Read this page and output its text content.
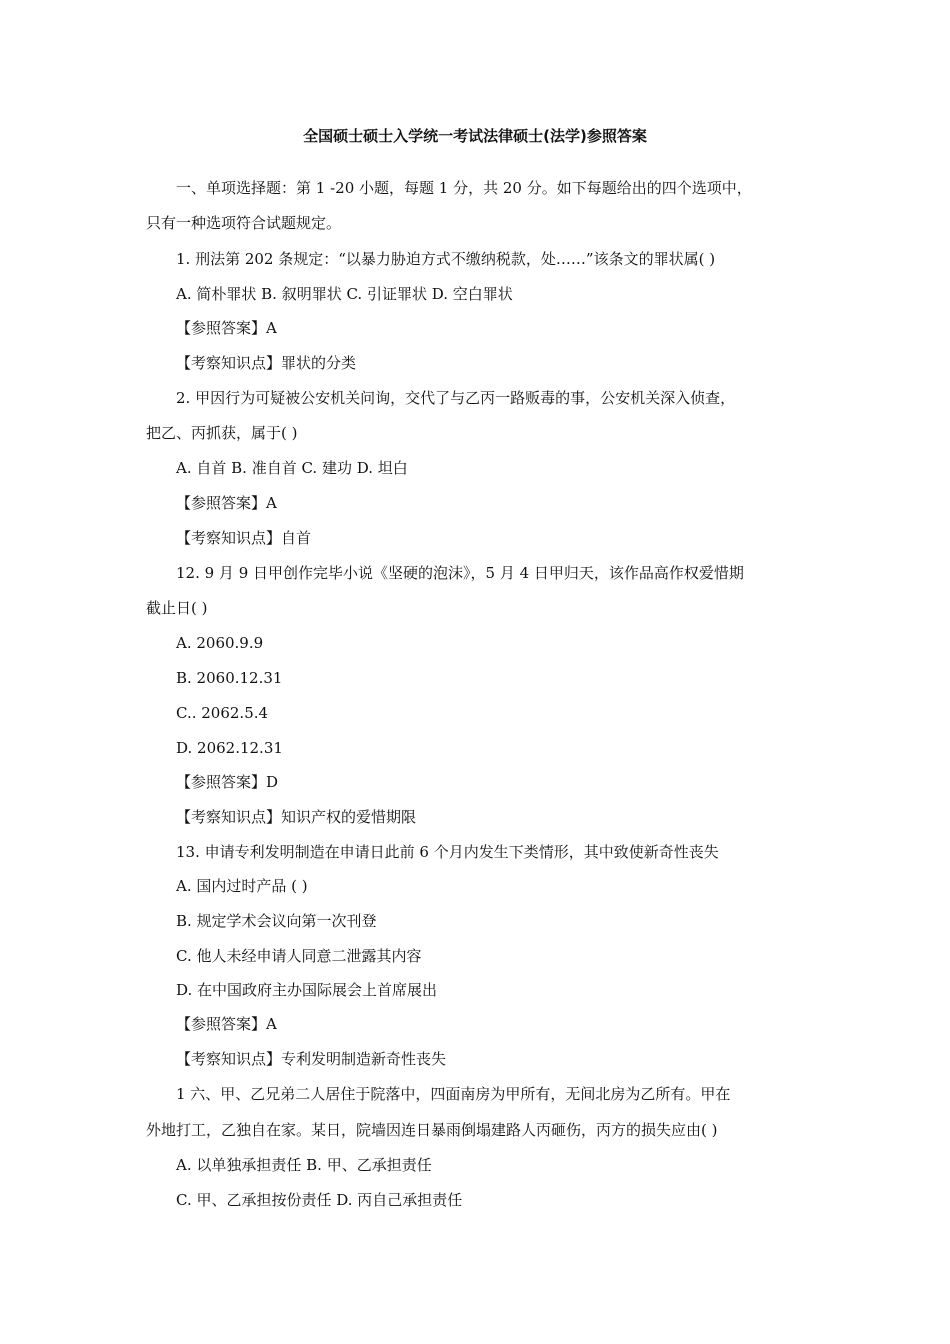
全国硕士硕士入学统一考试法律硕士(法学)参照答案
一、单项选择题：第 1 -20 小题，每题 1 分，共 20 分。如下每题给出的四个选项中，
只有一种选项符合试题规定。
1. 刑法第 202 条规定：“以暴力胁迫方式不缴纳税款，处……”该条文的罪状属( )
A. 简朴罪状 B. 叙明罪状 C. 引证罪状 D. 空白罪状
【参照答案】A
【考察知识点】罪状的分类
2. 甲因行为可疑被公安机关问询，交代了与乙丙一路贩毒的事，公安机关深入侦查，
把乙、丙抓获，属于( )
A. 自首 B. 准自首 C. 建功 D. 坦白
【参照答案】A
【考察知识点】自首
12. 9 月 9 日甲创作完毕小说《坚硬的泡沫》，5 月 4 日甲归天，该作品高作权爱惜期
截止日( )
A. 2060.9.9
B. 2060.12.31
C.. 2062.5.4
D. 2062.12.31
【参照答案】D
【考察知识点】知识产权的爱惜期限
13. 申请专利发明制造在申请日此前 6 个月内发生下类情形，其中致使新奇性丧失
A. 国内过时产品 ( )
B. 规定学术会议向第一次刊登
C. 他人未经申请人同意二泄露其内容
D. 在中国政府主办国际展会上首席展出
【参照答案】A
【考察知识点】专利发明制造新奇性丧失
1 六、甲、乙兄弟二人居住于院落中，四面南房为甲所有，无间北房为乙所有。甲在
外地打工，乙独自在家。某日，院墙因连日暴雨倒塌建路人丙砸伤，丙方的损失应由( )
A. 以单独承担责任 B. 甲、乙承担责任
C. 甲、乙承担按份责任 D. 丙自己承担责任
